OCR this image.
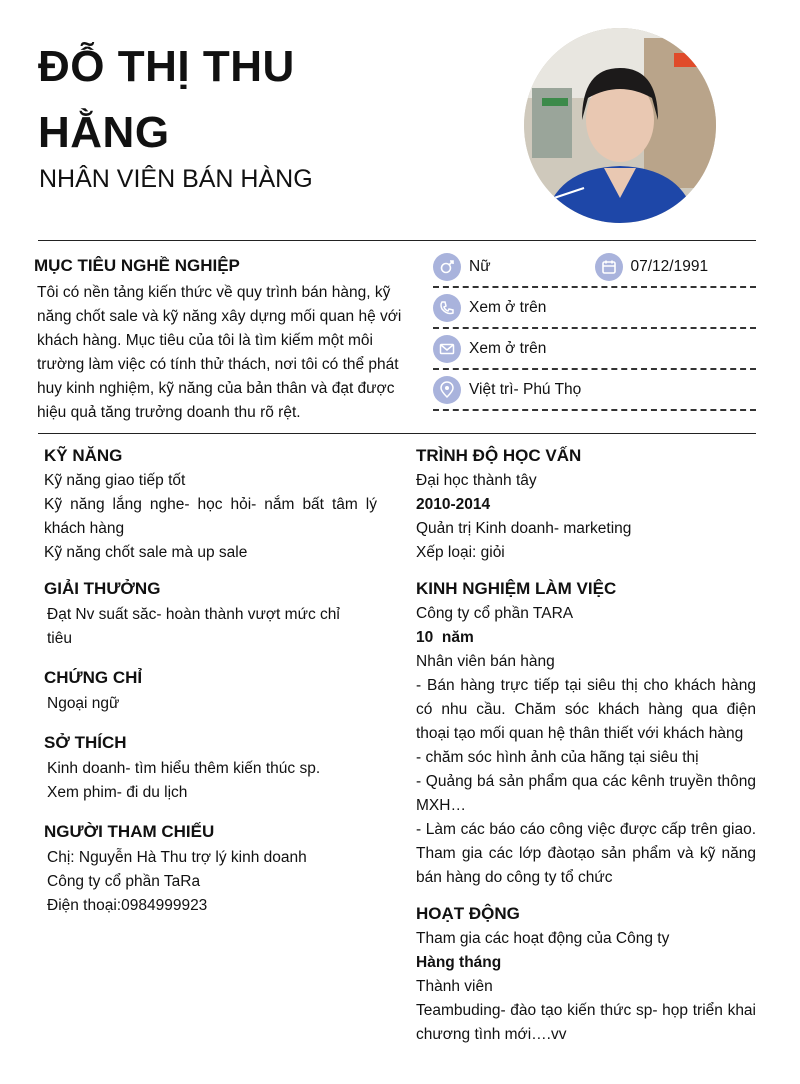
ĐỖ THỊ THU
HẰNG
NHÂN VIÊN BÁN HÀNG
MỤC TIÊU NGHỀ NGHIỆP
Tôi có nền tảng kiến thức về quy trình bán hàng, kỹ năng chốt sale và kỹ năng xây dựng mối quan hệ với khách hàng. Mục tiêu của tôi là tìm kiếm một môi trường làm việc có tính thử thách, nơi tôi có thể phát huy kinh nghiệm, kỹ năng của bản thân và đạt được hiệu quả tăng trưởng doanh thu rõ rệt.
Nữ	07/12/1991
Xem ở trên
Xem ở trên
Việt trì- Phú Thọ
KỸ NĂNG
Kỹ năng giao tiếp tốt
Kỹ năng lắng nghe- học hỏi- nắm bất tâm lý khách hàng
Kỹ năng chốt sale mà up sale
GIẢI THƯỞNG
Đạt Nv suất săc- hoàn thành vượt mức chỉ tiêu
CHỨNG CHỈ
Ngoại ngữ
SỞ THÍCH
Kinh doanh- tìm hiểu thêm kiến thúc sp.
Xem phim- đi du lịch
NGƯỜI THAM CHIẾU
Chị: Nguyễn Hà Thu trợ lý kinh doanh
Công ty cổ phần TaRa
Điện thoại:0984999923
TRÌNH ĐỘ HỌC VẤN
Đại học thành tây
2010-2014
Quản trị Kinh doanh- marketing
Xếp loại: giỏi
KINH NGHIỆM LÀM VIỆC
Công ty cổ phần TARA
10  năm
Nhân viên bán hàng
- Bán hàng trực tiếp tại siêu thị cho khách hàng có nhu cầu. Chăm sóc khách hàng qua điện thoại tạo mối quan hệ thân thiết với khách hàng
- chăm sóc hình ảnh của hãng tại siêu thị
- Quảng bá sản phẩm qua các kênh truyền thông MXH…
- Làm các báo cáo công việc được cấp trên giao. Tham gia các lớp đàotạo sản phẩm và kỹ năng bán hàng do công ty tổ chức
HOẠT ĐỘNG
Tham gia các hoạt động của Công ty
Hàng tháng
Thành viên
Teambuding- đào tạo kiến thức sp- họp triển khai chương tình mới….vv
